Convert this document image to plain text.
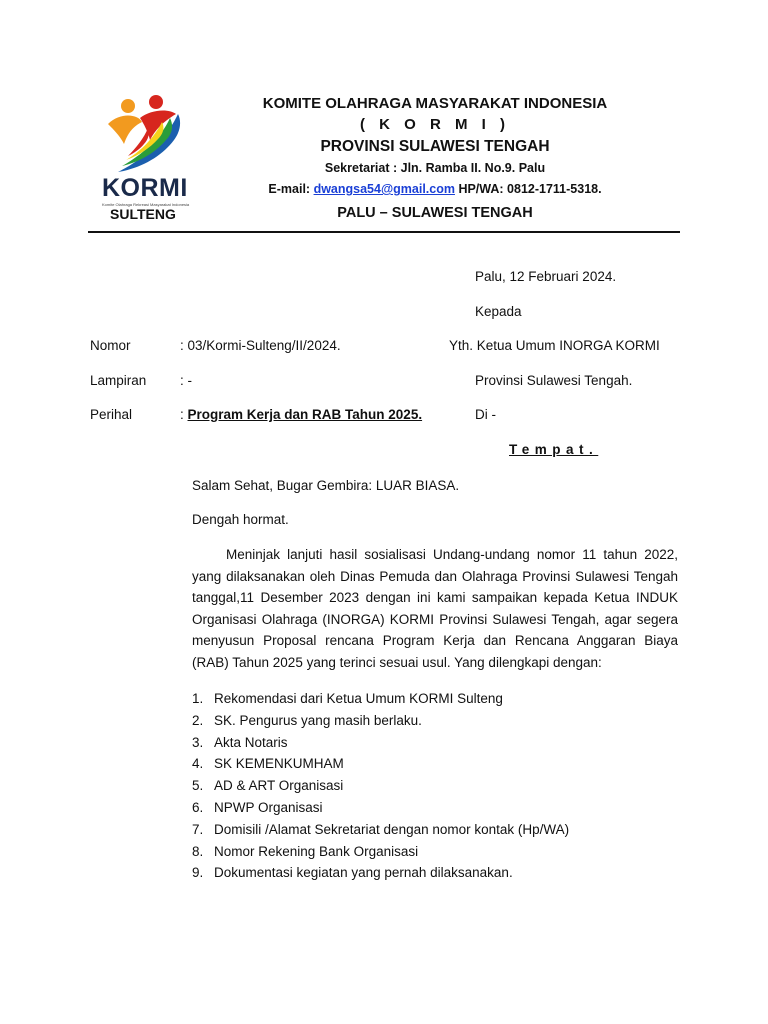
KORMI
Komite Olahraga Rekreasi Masyarakat Indonesia
SULTENG
KOMITE OLAHRAGA MASYARAKAT INDONESIA
( K O R M I )
PROVINSI SULAWESI TENGAH
Sekretariat : Jln. Ramba II. No.9. Palu
E-mail: dwangsa54@gmail.com HP/WA: 0812-1711-5318.
PALU – SULAWESI TENGAH
Palu, 12 Februari 2024.
Kepada
Yth. Ketua Umum INORGA KORMI
Provinsi Sulawesi Tengah.
Di -
Tempat.
Nomor	: 03/Kormi-Sulteng/II/2024.
Lampiran : -
Perihal	: Program Kerja dan RAB Tahun 2025.
Salam Sehat, Bugar Gembira: LUAR BIASA.
Dengah hormat.
Meninjak lanjuti hasil sosialisasi Undang-undang nomor 11 tahun 2022, yang dilaksanakan oleh Dinas Pemuda dan Olahraga Provinsi Sulawesi Tengah tanggal,11 Desember 2023 dengan ini kami sampaikan kepada Ketua INDUK Organisasi Olahraga (INORGA) KORMI Provinsi Sulawesi Tengah, agar segera menyusun Proposal rencana Program Kerja dan Rencana Anggaran Biaya (RAB) Tahun 2025 yang terinci sesuai usul. Yang dilengkapi dengan:
1. Rekomendasi dari Ketua Umum KORMI Sulteng
2. SK. Pengurus yang masih berlaku.
3. Akta Notaris
4. SK KEMENKUMHAM
5. AD & ART Organisasi
6. NPWP Organisasi
7. Domisili /Alamat Sekretariat dengan nomor kontak (Hp/WA)
8. Nomor Rekening Bank Organisasi
9. Dokumentasi kegiatan yang pernah dilaksanakan.
